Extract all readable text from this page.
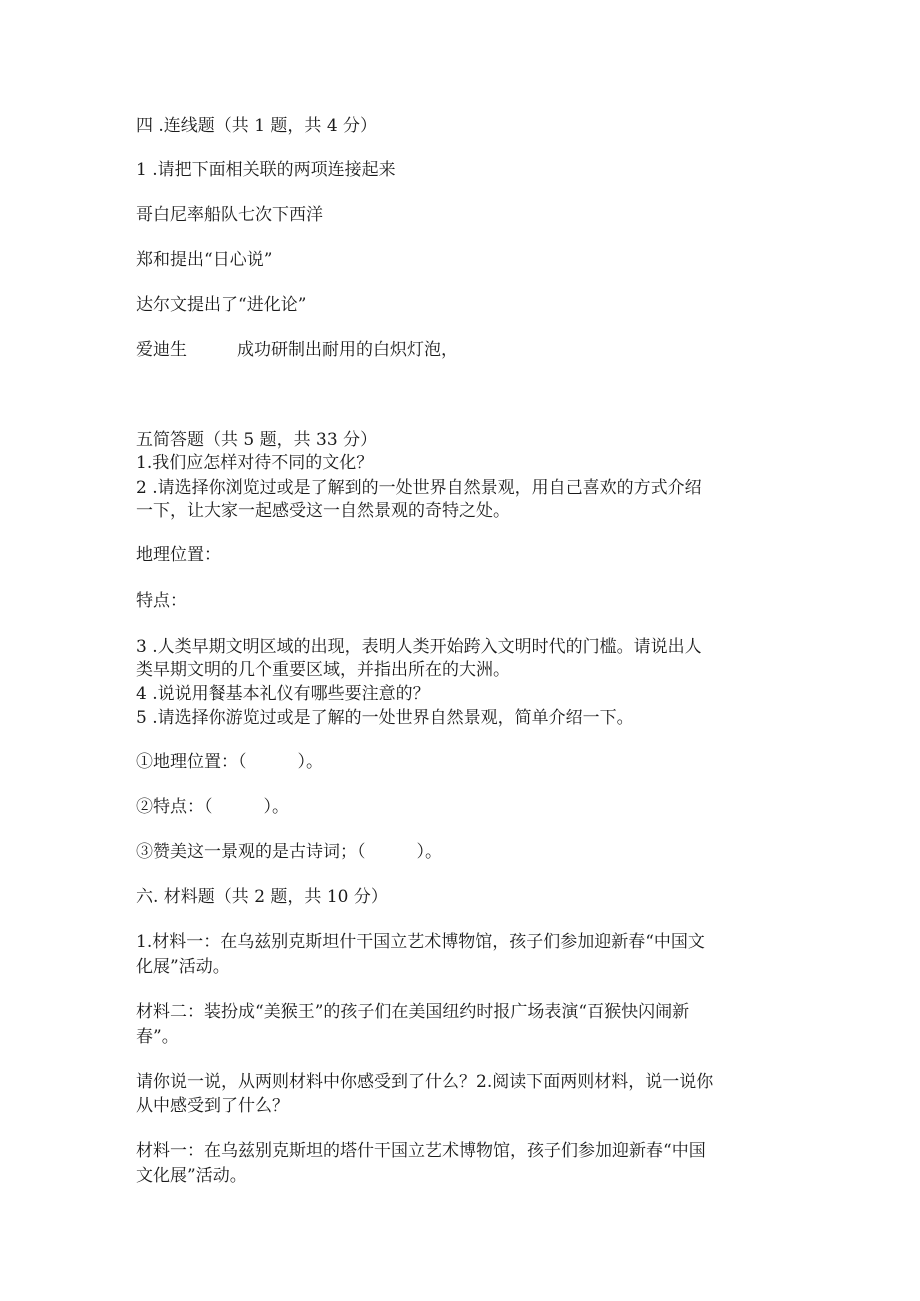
四 .连线题（共 1 题，共 4 分）

1 .请把下面相关联的两项连接起来

哥白尼率船队七次下西洋

郑和提出“日心说”

达尔文提出了“进化论”

爱迪生	成功研制出耐用的白炽灯泡，

五简答题（共 5 题，共 33 分）

1.我们应怎样对待不同的文化？

2 .请选择你浏览过或是了解到的一处世界自然景观，用自己喜欢的方式介绍

一下，让大家一起感受这一自然景观的奇特之处。

地理位置：

特点：

3 .人类早期文明区域的出现，表明人类开始跨入文明时代的门槛。请说出人

类早期文明的几个重要区域，并指出所在的大洲。

4 .说说用餐基本礼仪有哪些要注意的？

5 .请选择你游览过或是了解的一处世界自然景观，简单介绍一下。

①地理位置：（　　　）。

②特点：（　　　）。

③赞美这一景观的是古诗词；（　　　）。

六. 材料题（共 2 题，共 10 分）

1.材料一：在乌兹别克斯坦什干国立艺术博物馆，孩子们参加迎新春“中国文

化展”活动。

材料二：装扮成“美猴王”的孩子们在美国纽约时报广场表演“百猴快闪闹新

春”。

请你说一说，从两则材料中你感受到了什么？2.阅读下面两则材料，说一说你

从中感受到了什么？

材料一：在乌兹别克斯坦的塔什干国立艺术博物馆，孩子们参加迎新春“中国

文化展”活动。
